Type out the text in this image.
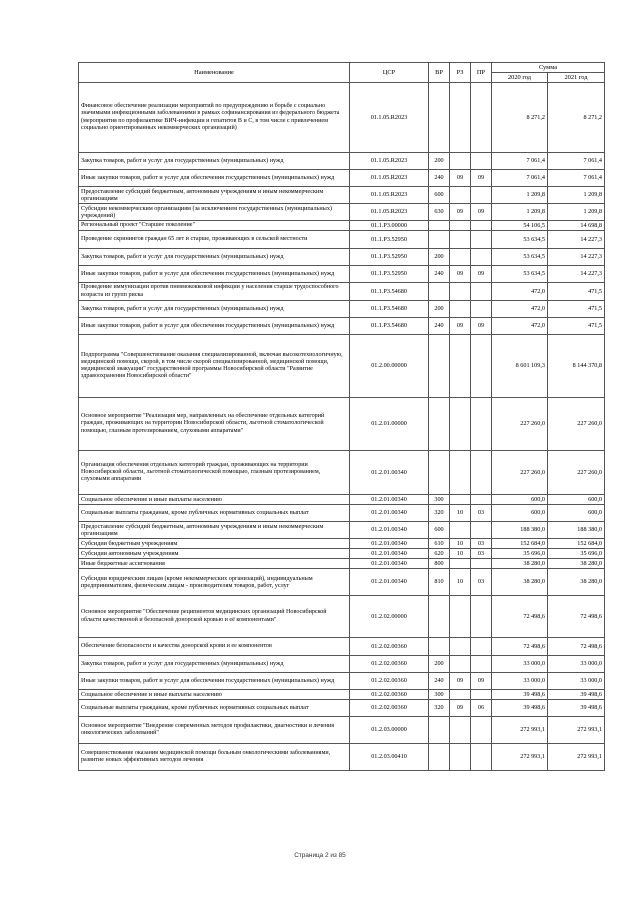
Наименование	ЦСР	ВР	РЗ	ПР	Сумма	
					2020 год	2021 год
Финансовое обеспечение реализации мероприятий по предупреждению и борьбе с социально значимыми инфекционными заболеваниями в рамках софинансирования из федерального бюджета (мероприятия по профилактике ВИЧ-инфекции и гепатитов В и С, в том числе с привлечением социально ориентированных некоммерческих организаций)	01.1.05.R2023				8 271,2	8 271,2
Закупка товаров, работ и услуг для государственных (муниципальных) нужд	01.1.05.R2023	200			7 061,4	7 061,4
Иные закупки товаров, работ и услуг для обеспечения государственных (муниципальных) нужд	01.1.05.R2023	240	09	09	7 061,4	7 061,4
Предоставление субсидий бюджетным, автономным учреждениям и иным некоммерческим организациям	01.1.05.R2023	600			1 209,8	1 209,8
Субсидии некоммерческим организациям (за исключением государственных (муниципальных) учреждений)	01.1.05.R2023	630	09	09	1 209,8	1 209,8
Региональный проект "Старшее поколение"	01.1.P3.00000				54 106,5	14 698,8
Проведение скринингов граждан 65 лет и старше, проживающих в сельской местности	01.1.P3.52950				53 634,5	14 227,3
Закупка товаров, работ и услуг для государственных (муниципальных) нужд	01.1.P3.52950	200			53 634,5	14 227,3
Иные закупки товаров, работ и услуг для обеспечения государственных (муниципальных) нужд	01.1.P3.52950	240	09	09	53 634,5	14 227,3
Проведение иммунизации против пневмококковой инфекции у населения старше трудоспособного возраста из групп риска	01.1.P3.54680				472,0	471,5
Закупка товаров, работ и услуг для государственных (муниципальных) нужд	01.1.P3.54680	200			472,0	471,5
Иные закупки товаров, работ и услуг для обеспечения государственных (муниципальных) нужд	01.1.P3.54680	240	09	09	472,0	471,5
Подпрограмма "Совершенствование оказания специализированной, включая высокотехнологичную, медицинской помощи, скорой, в том числе скорой специализированной, медицинской помощи, медицинской эвакуации" государственной программы Новосибирской области "Развитие здравоохранения Новосибирской области"	01.2.00.00000				8 601 109,3	8 144 370,8
Основное мероприятие "Реализация мер, направленных на обеспечение отдельных категорий граждан, проживающих на территории Новосибирской области, льготной стоматологической помощью, глазным протезированием, слуховыми аппаратами"	01.2.01.00000				227 260,0	227 260,0
Организация обеспечения отдельных категорий граждан, проживающих на территории Новосибирской области, льготной стоматологической помощью, глазным протезированием, слуховыми аппаратами	01.2.01.00340				227 260,0	227 260,0
Социальное обеспечение и иные выплаты населению	01.2.01.00340	300			600,0	600,0
Социальные выплаты гражданам, кроме публичных нормативных социальных выплат	01.2.01.00340	320	10	03	600,0	600,0
Предоставление субсидий бюджетным, автономным учреждениям и иным некоммерческим организациям	01.2.01.00340	600			188 380,0	188 380,0
Субсидии бюджетным учреждениям	01.2.01.00340	610	10	03	152 684,0	152 684,0
Субсидии автономным учреждениям	01.2.01.00340	620	10	03	35 696,0	35 696,0
Иные бюджетные ассигнования	01.2.01.00340	800			38 280,0	38 280,0
Субсидии юридическим лицам (кроме некоммерческих организаций), индивидуальным предпринимателям, физическим лицам - производителям товаров, работ, услуг	01.2.01.00340	810	10	03	38 280,0	38 280,0
Основное мероприятие "Обеспечение реципиентов медицинских организаций Новосибирской области качественной и безопасной донорской кровью и её компонентами"	01.2.02.00000				72 498,6	72 498,6
Обеспечение безопасности и качества донорской крови и ее компонентов	01.2.02.00360				72 498,6	72 498,6
Закупка товаров, работ и услуг для государственных (муниципальных) нужд	01.2.02.00360	200			33 000,0	33 000,0
Иные закупки товаров, работ и услуг для обеспечения государственных (муниципальных) нужд	01.2.02.00360	240	09	09	33 000,0	33 000,0
Социальное обеспечение и иные выплаты населению	01.2.02.00360	300			39 498,6	39 498,6
Социальные выплаты гражданам, кроме публичных нормативных социальных выплат	01.2.02.00360	320	09	06	39 498,6	39 498,6
Основное мероприятие "Внедрение современных методов профилактики, диагностики и лечения онкологических заболеваний"	01.2.03.00000				272 993,1	272 993,1
Совершенствование оказания медицинской помощи больным онкологическими заболеваниями, развитие новых эффективных методов лечения	01.2.03.00410				272 993,1	272 993,1
Страница 2 из 85
